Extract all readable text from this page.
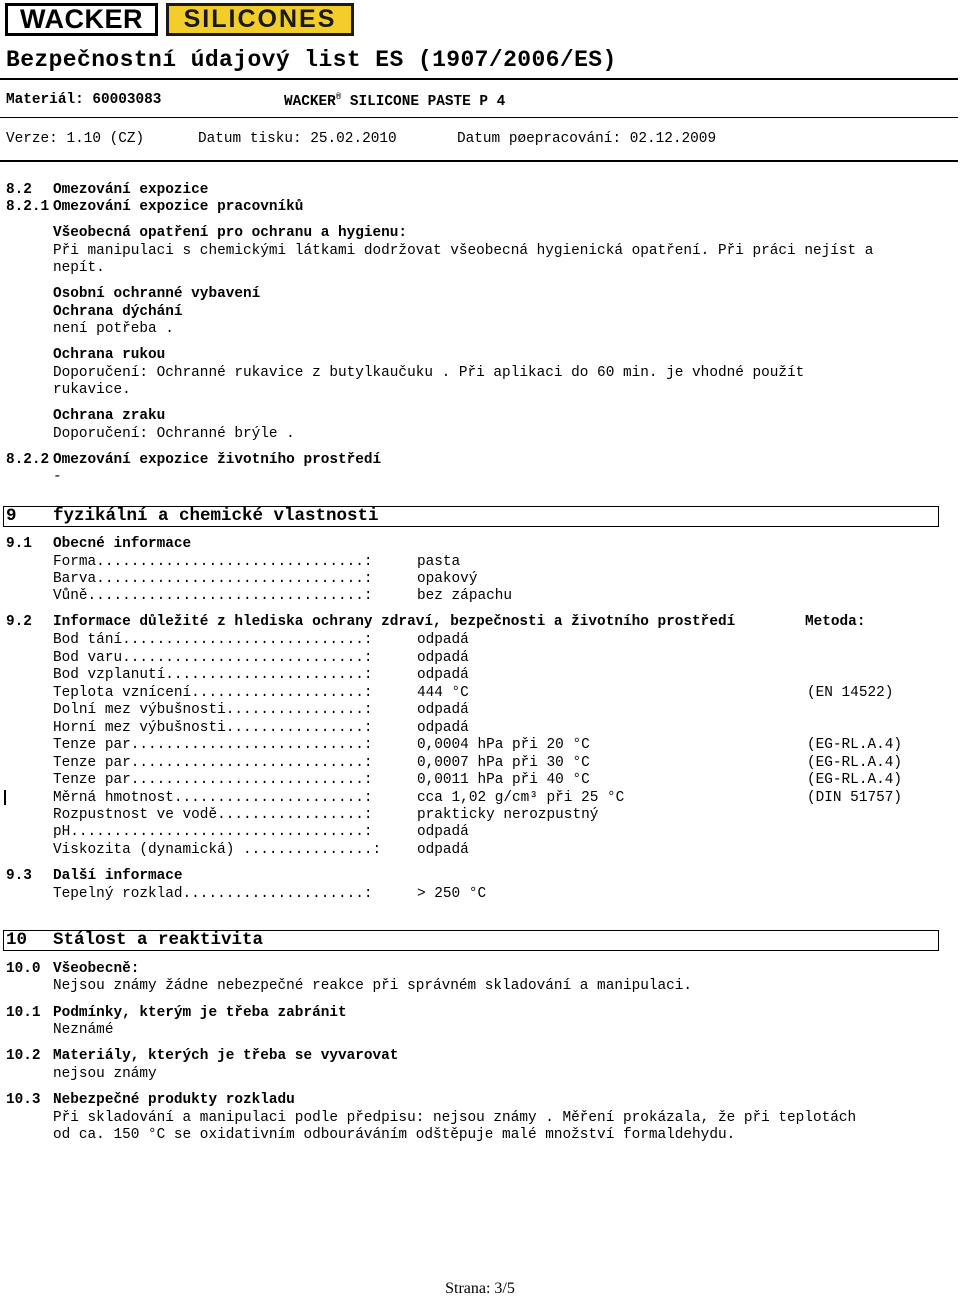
WACKER SILICONES
Bezpečnostní údajový list ES (1907/2006/ES)
Materiál: 60003083	WACKER® SILICONE PASTE P 4
Verze: 1.10 (CZ)	Datum tisku: 25.02.2010	Datum pøepracování: 02.12.2009
8.2 Omezování expozice
8.2.1 Omezování expozice pracovníků
Všeobecná opatření pro ochranu a hygienu:
Při manipulaci s chemickými látkami dodržovat všeobecná hygienická opatření. Při práci nejíst a
nepít.
Osobní ochranné vybavení
Ochrana dýchání
není potřeba .
Ochrana rukou
Doporučení: Ochranné rukavice z butylkaučuku . Při aplikaci do 60 min. je vhodné použít
rukavice.
Ochrana zraku
Doporučení: Ochranné brýle .
8.2.2 Omezování expozice životního prostředí
-
9 fyzikální a chemické vlastnosti
9.1 Obecné informace
Forma...............................:	pasta
Barva...............................:	opakový
Vůně................................:	bez zápachu
9.2 Informace důležité z hlediska ochrany zdraví, bezpečnosti a životního prostředí	Metoda:
Bod tání............................:	odpadá
Bod varu............................:	odpadá
Bod vzplanutí.......................:	odpadá
Teplota vznícení....................:	444 °C	(EN 14522)
Dolní mez výbušnosti................:	odpadá
Horní mez výbušnosti................:	odpadá
Tenze par...........................:	0,0004 hPa při 20 °C	(EG-RL.A.4)
Tenze par...........................:	0,0007 hPa při 30 °C	(EG-RL.A.4)
Tenze par...........................:	0,0011 hPa při 40 °C	(EG-RL.A.4)
Měrná hmotnost......................:	cca 1,02 g/cm³ při 25 °C	(DIN 51757)
Rozpustnost ve vodě.................:	prakticky nerozpustný
pH..................................:	odpadá
Viskozita (dynamická) ...............: odpadá
9.3 Další informace
Tepelný rozklad.....................:	> 250 °C
10 Stálost a reaktivita
10.0 Všeobecně:
Nejsou známy žádne nebezpečné reakce při správném skladování a manipulaci.
10.1 Podmínky, kterým je třeba zabránit
Neznámé
10.2 Materiály, kterých je třeba se vyvarovat
nejsou známy
10.3 Nebezpečné produkty rozkladu
Při skladování a manipulaci podle předpisu: nejsou známy . Měření prokázala, že při teplotách
od ca. 150 °C se oxidativním odbouráváním odštěpuje malé množství formaldehydu.
Strana: 3/5
